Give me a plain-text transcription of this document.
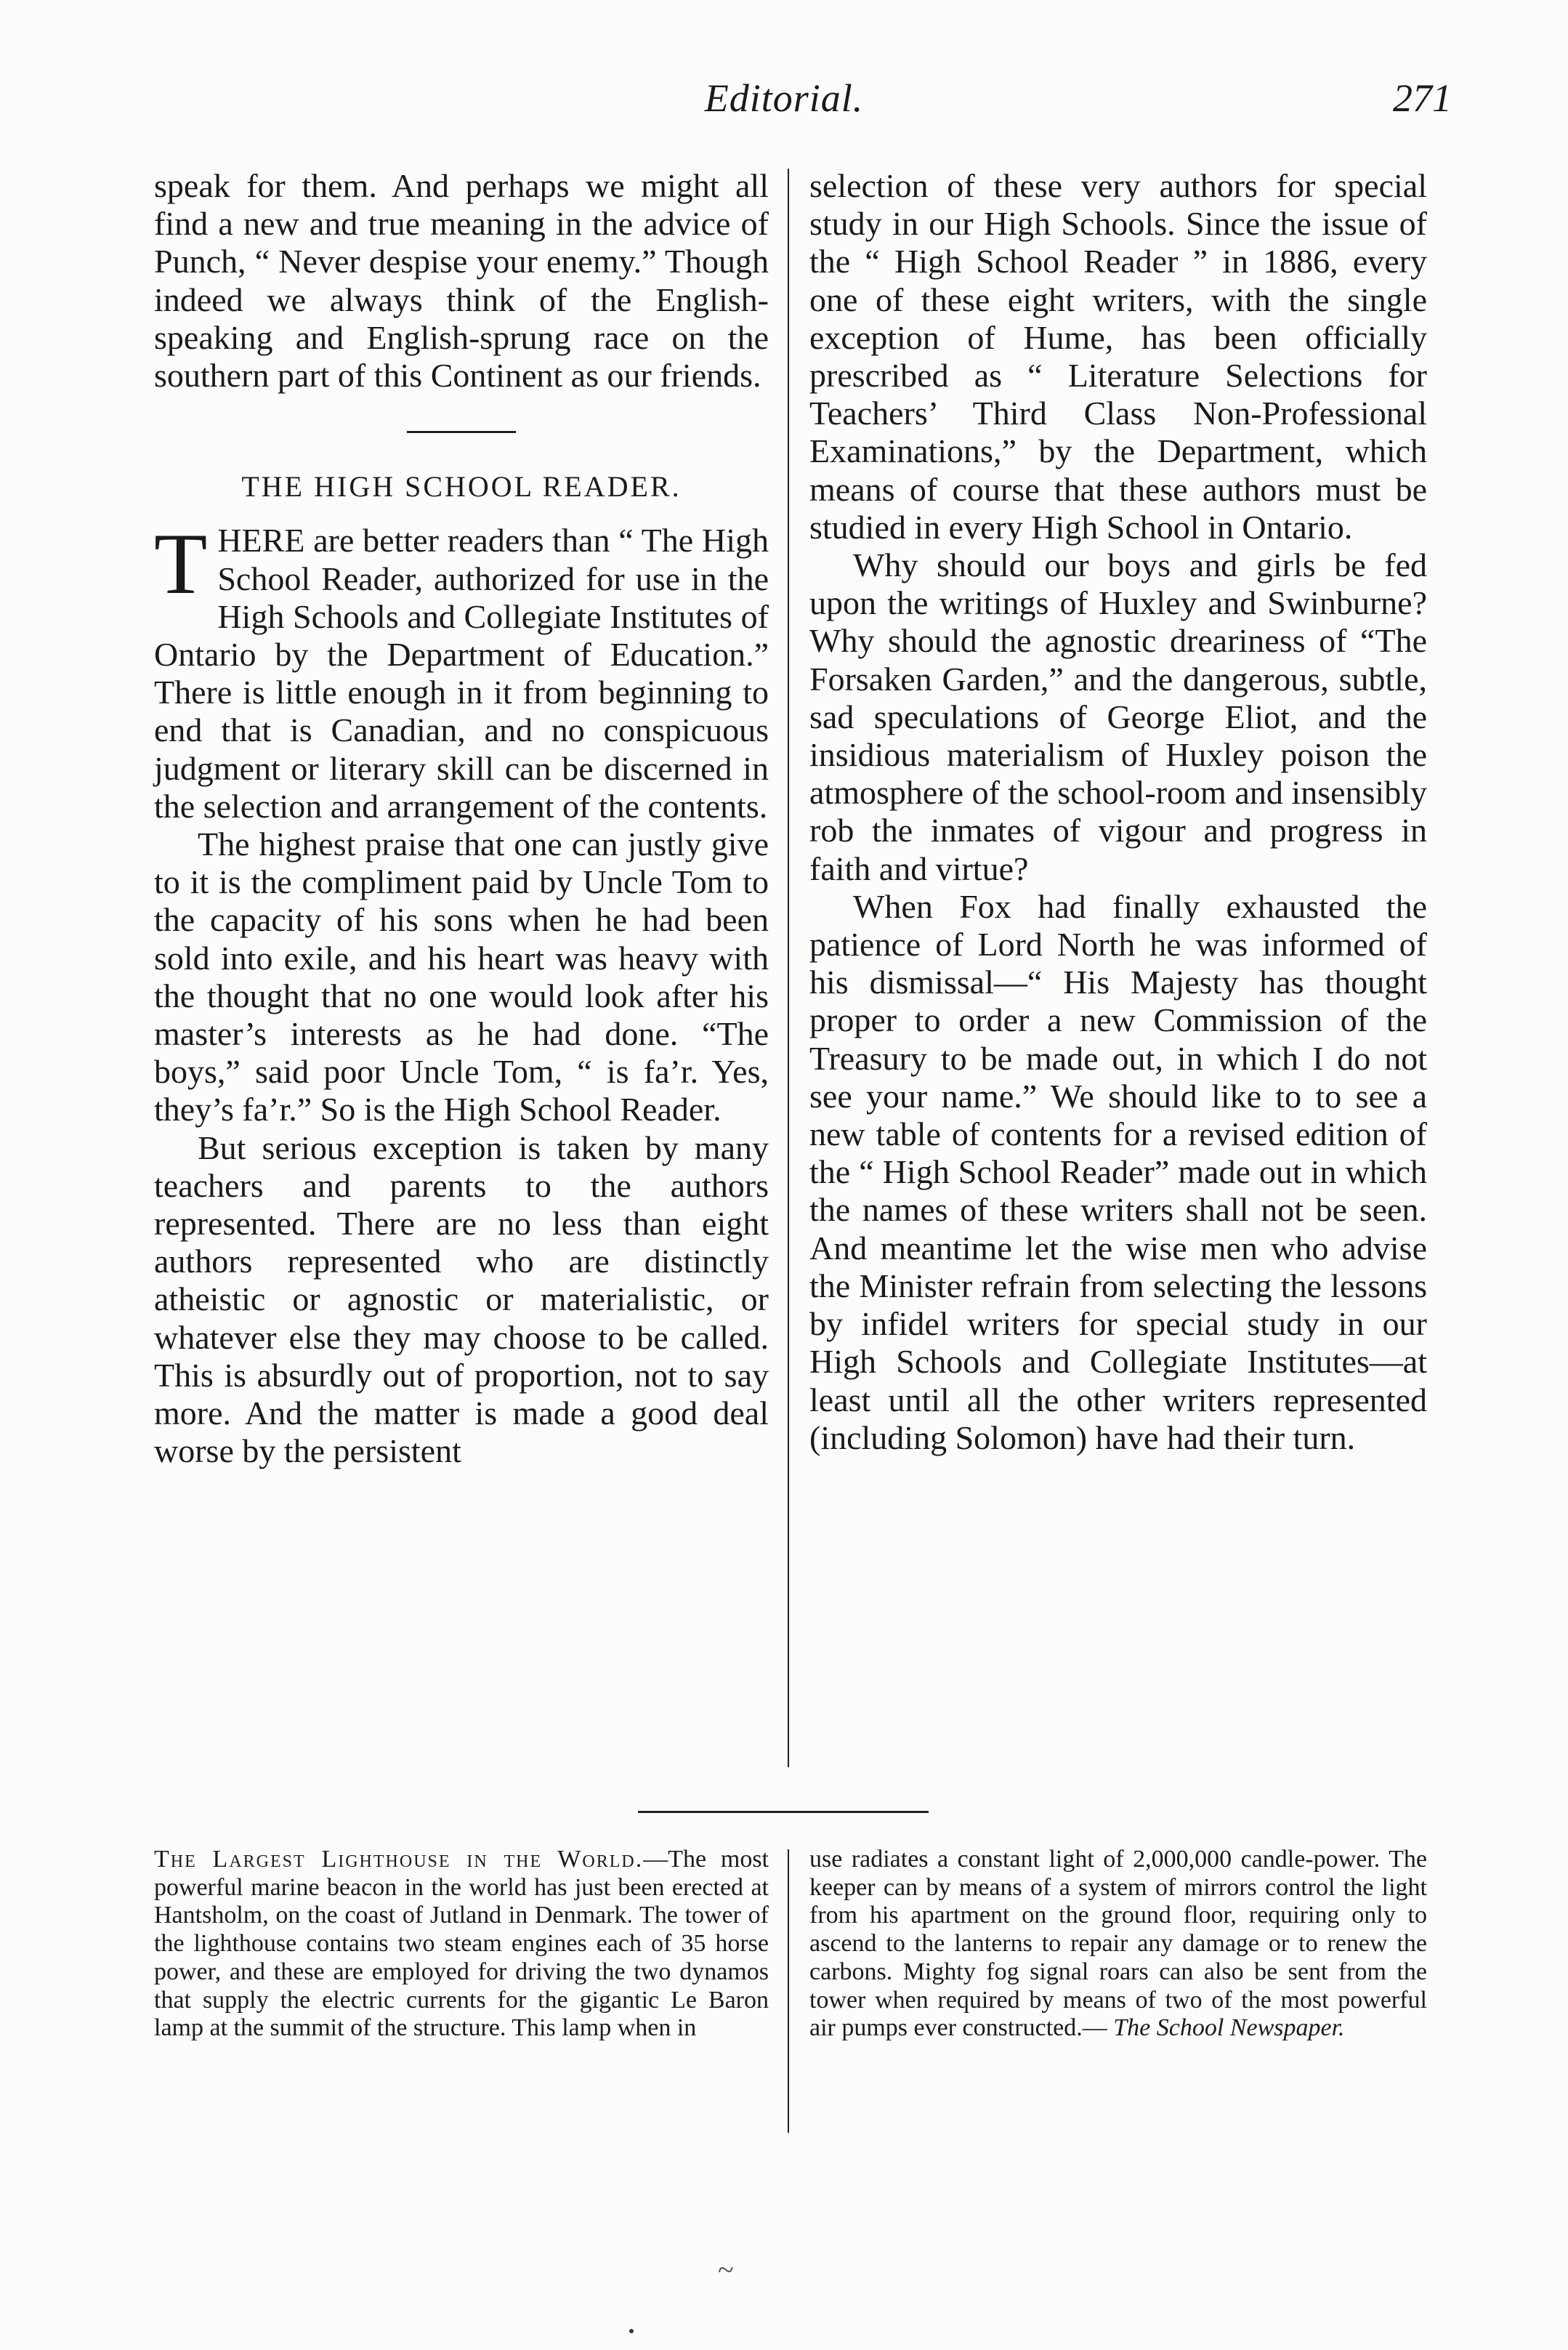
Editorial.	271

speak for them. And perhaps we might all find a new and true meaning in the advice of Punch, “ Never despise your enemy.” Though indeed we always think of the English-speaking and English-sprung race on the southern part of this Continent as our friends.

THE HIGH SCHOOL READER.

THERE are better readers than “ The High School Reader, authorized for use in the High Schools and Collegiate Institutes of Ontario by the Department of Education.” There is little enough in it from beginning to end that is Canadian, and no conspicuous judgment or literary skill can be discerned in the selection and arrangement of the contents.

The highest praise that one can justly give to it is the compliment paid by Uncle Tom to the capacity of his sons when he had been sold into exile, and his heart was heavy with the thought that no one would look after his master’s interests as he had done. “The boys,” said poor Uncle Tom, “ is fa’r. Yes, they’s fa’r.” So is the High School Reader.

But serious exception is taken by many teachers and parents to the authors represented. There are no less than eight authors represented who are distinctly atheistic or agnostic or materialistic, or whatever else they may choose to be called. This is absurdly out of proportion, not to say more. And the matter is made a good deal worse by the persistent

selection of these very authors for special study in our High Schools. Since the issue of the “ High School Reader ” in 1886, every one of these eight writers, with the single exception of Hume, has been officially prescribed as “ Literature Selections for Teachers’ Third Class Non-Professional Examinations,” by the Department, which means of course that these authors must be studied in every High School in Ontario.

Why should our boys and girls be fed upon the writings of Huxley and Swinburne? Why should the agnostic dreariness of “The Forsaken Garden,” and the dangerous, subtle, sad speculations of George Eliot, and the insidious materialism of Huxley poison the atmosphere of the school-room and insensibly rob the inmates of vigour and progress in faith and virtue?

When Fox had finally exhausted the patience of Lord North he was informed of his dismissal—“ His Majesty has thought proper to order a new Commission of the Treasury to be made out, in which I do not see your name.” We should like to to see a new table of contents for a revised edition of the “ High School Reader” made out in which the names of these writers shall not be seen. And meantime let the wise men who advise the Minister refrain from selecting the lessons by infidel writers for special study in our High Schools and Collegiate Institutes—at least until all the other writers represented (including Solomon) have had their turn.

The Largest Lighthouse in the World.—The most powerful marine beacon in the world has just been erected at Hantsholm, on the coast of Jutland in Denmark. The tower of the lighthouse contains two steam engines each of 35 horse power, and these are employed for driving the two dynamos that supply the electric currents for the gigantic Le Baron lamp at the summit of the structure. This lamp when in

use radiates a constant light of 2,000,000 candle-power. The keeper can by means of a system of mirrors control the light from his apartment on the ground floor, requiring only to ascend to the lanterns to repair any damage or to renew the carbons. Mighty fog signal roars can also be sent from the tower when required by means of two of the most powerful air pumps ever constructed.— The School Newspaper.

~
